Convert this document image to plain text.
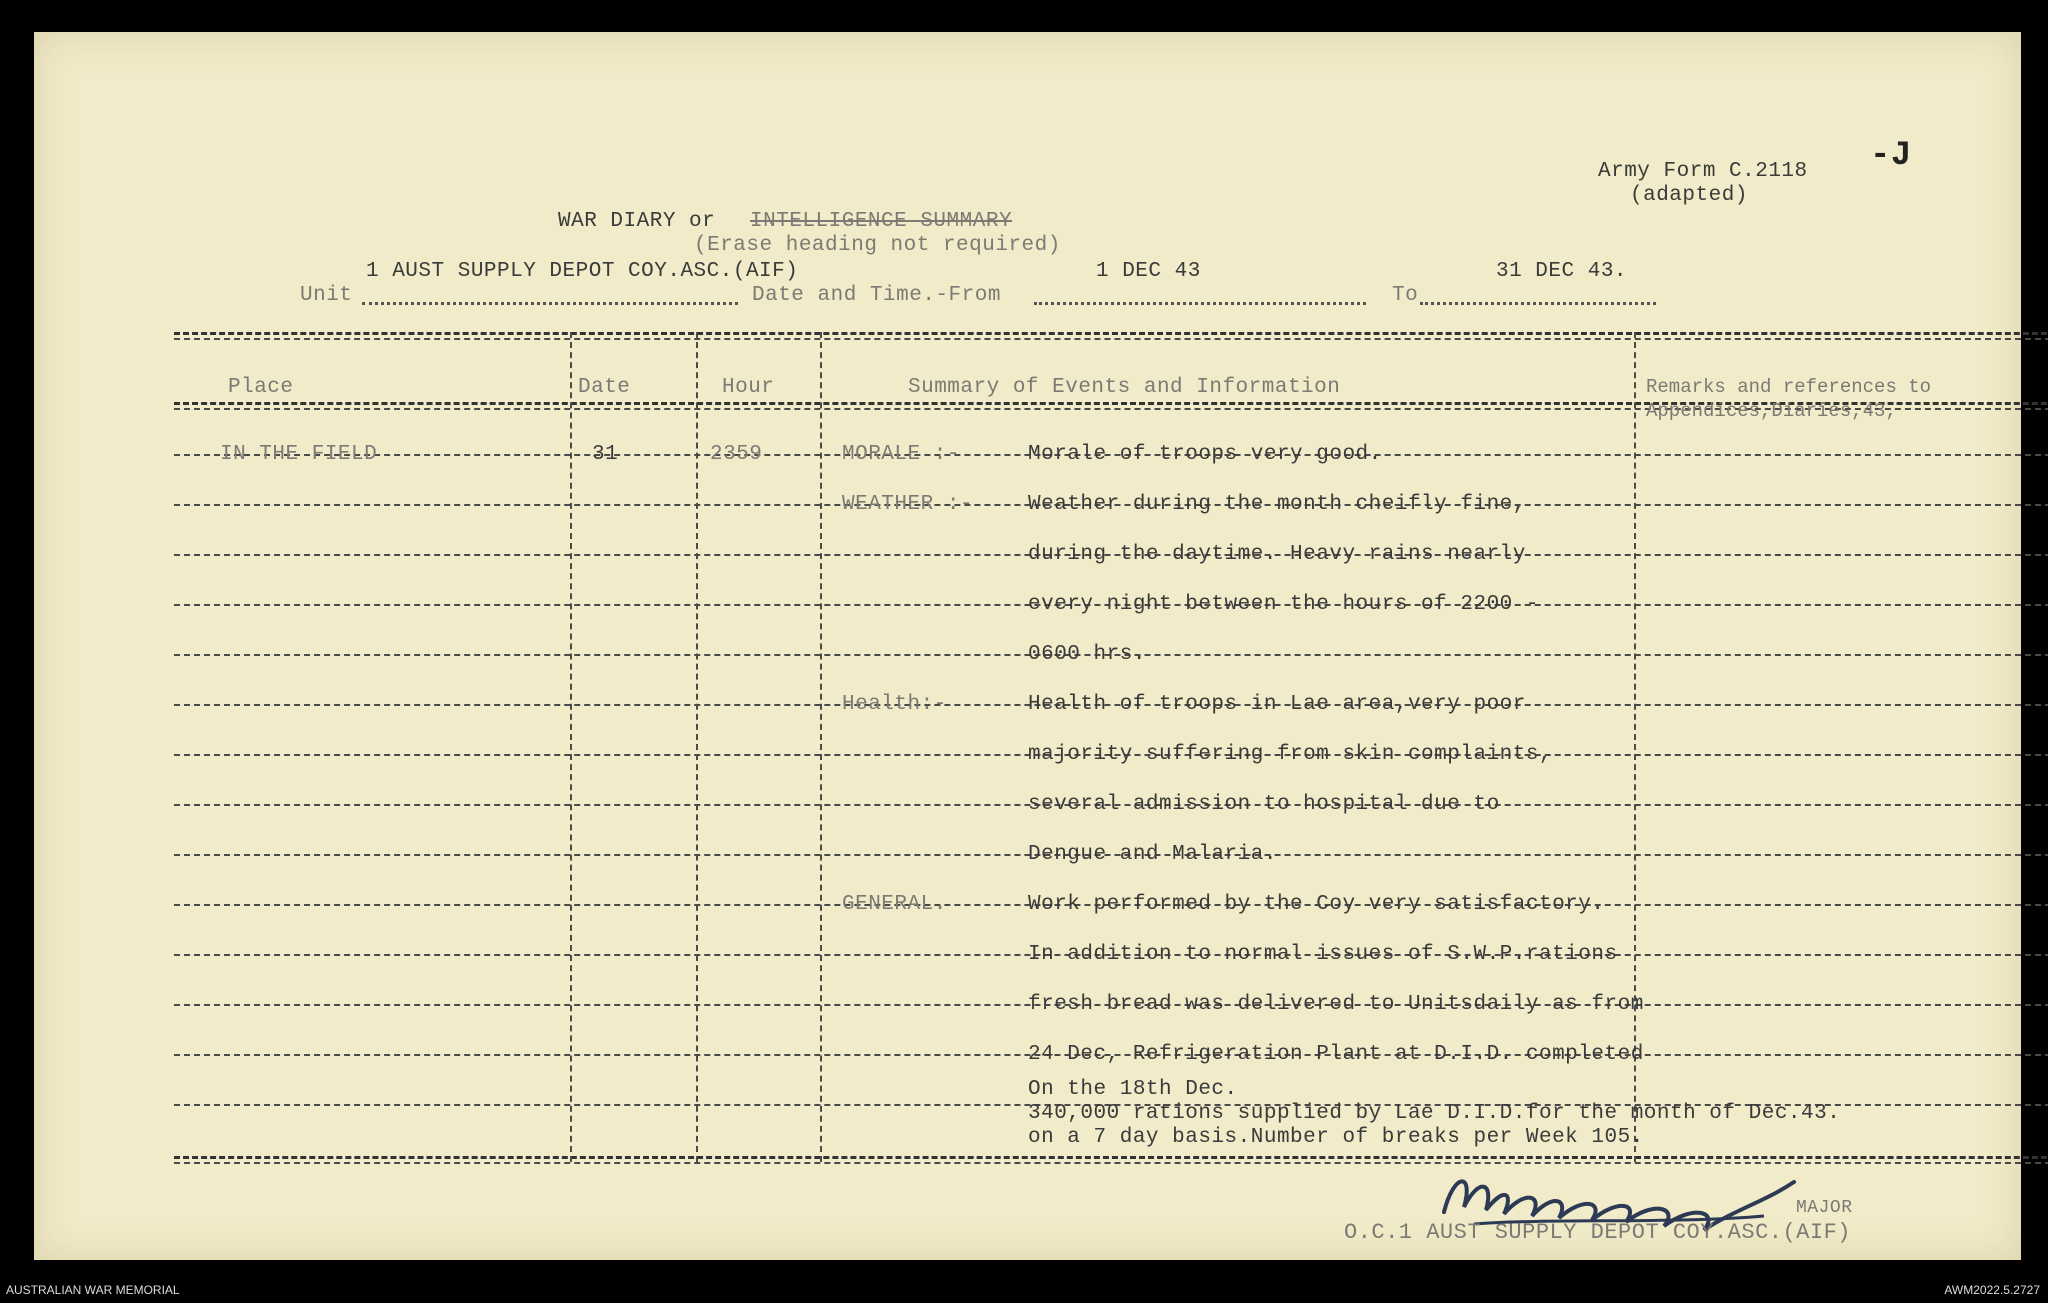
Army Form C.2118
(adapted)
-J
WAR DIARY or INTELLIGENCE SUMMARY
(Erase heading not required)
1 AUST SUPPLY DEPOT COY.ASC.(AIF)	1 DEC 43	31 DEC 43.
Unit	Date and Time.-From	To
Place	Date	Hour	Summary of Events and Information	Remarks and references to
Appendices,Diaries,43,
IN THE FIELD	31	2359	MORALE :-	Morale of troops very good.
WEATHER :-	Weather during the month cheifly fine,
during the daytime. Heavy rains nearly
every night between the hours of 2200 -
0600 hrs.
Health:-	Health of troops in Lae area,very poor
majority suffering from skin complaints,
several admission to hospital due to
Dengue and Malaria.
GENERAL.	Work performed by the Coy very satisfactory.
In addition to normal issues of S.W.P.rations
fresh bread was delivered to Unitsdaily as from
24 Dec, Refrigeration Plant at D.I.D. completed
On the 18th Dec.
340,000 rations supplied by Lae D.I.D.for the month of Dec.43.
on a 7 day basis.Number of breaks per Week 105.
MAJOR
O.C.1 AUST SUPPLY DEPOT COY.ASC.(AIF)
AUSTRALIAN WAR MEMORIAL	AWM2022.5.2727
